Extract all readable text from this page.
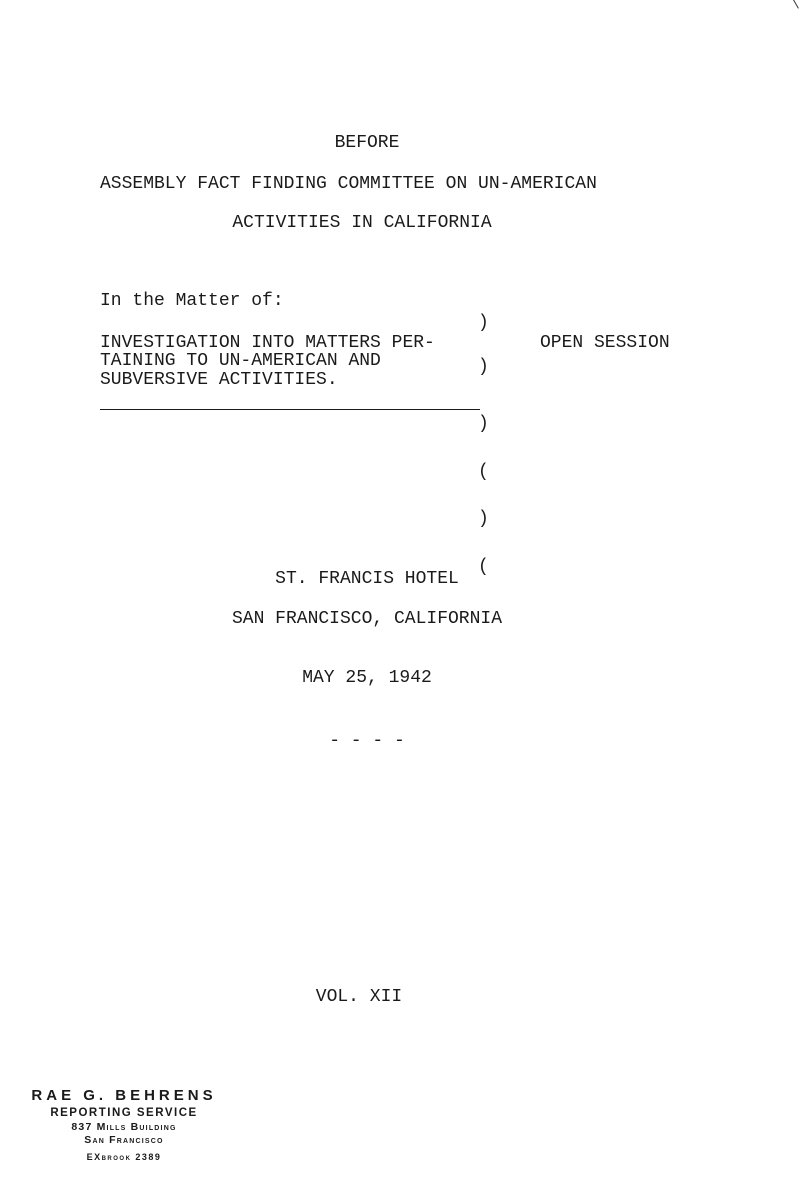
BEFORE
ASSEMBLY FACT FINDING COMMITTEE ON UN-AMERICAN
ACTIVITIES IN CALIFORNIA
In the Matter of:
INVESTIGATION INTO MATTERS PER-
TAINING TO UN-AMERICAN AND
SUBVERSIVE ACTIVITIES.

)

)

)

(

)

(

OPEN SESSION
ST. FRANCIS HOTEL
SAN FRANCISCO, CALIFORNIA
MAY 25, 1942
- - - -
VOL. XII
RAE G. BEHRENS
REPORTING SERVICE
837 Mills Building
San Francisco
EXbrook 2389
